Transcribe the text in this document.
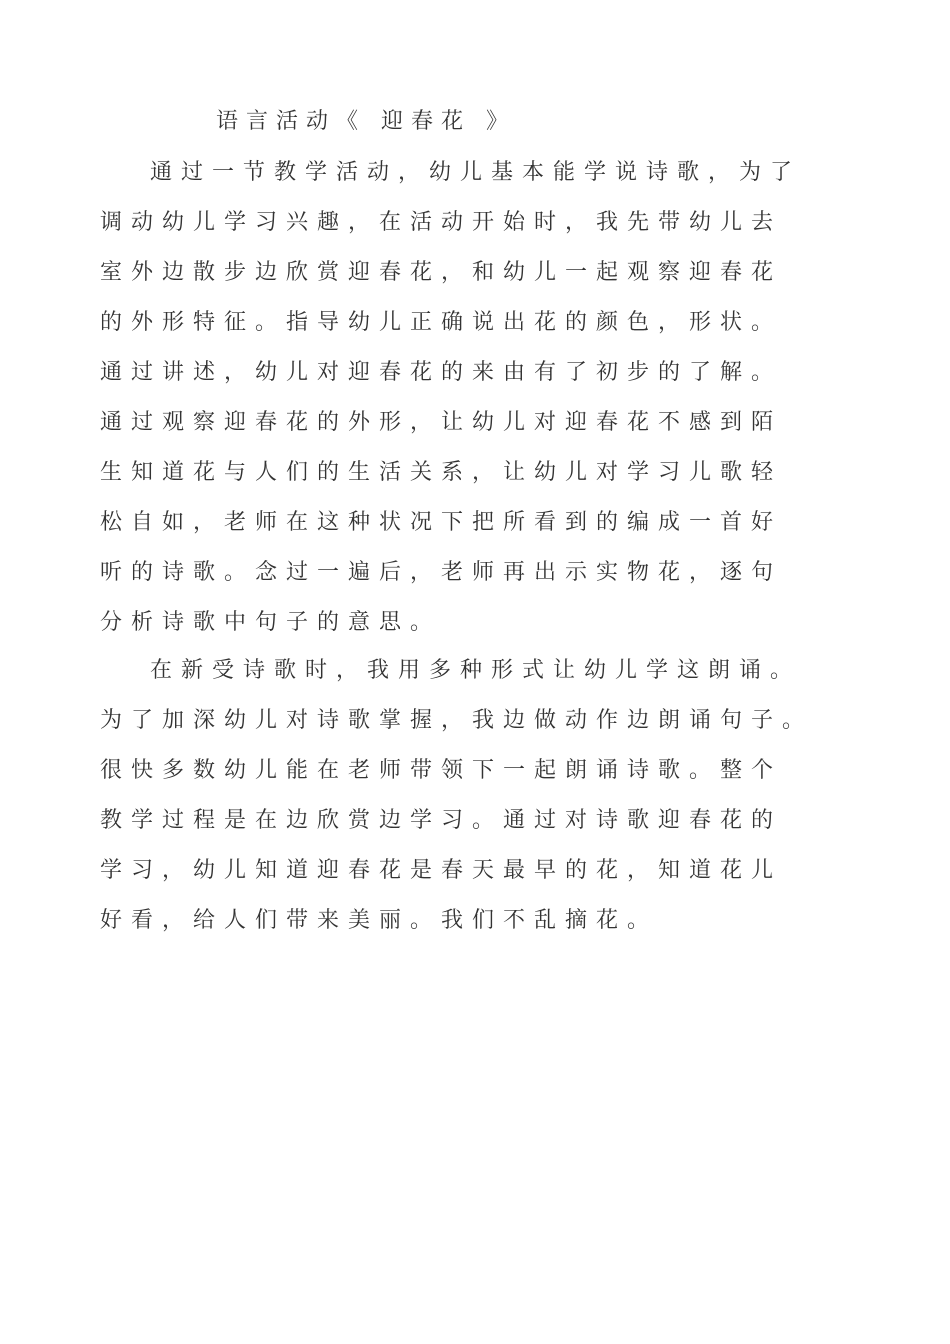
语言活动《 迎春花 》
通过一节教学活动，幼儿基本能学说诗歌，为了
调动幼儿学习兴趣，在活动开始时，我先带幼儿去
室外边散步边欣赏迎春花，和幼儿一起观察迎春花
的外形特征。指导幼儿正确说出花的颜色，形状。
通过讲述，幼儿对迎春花的来由有了初步的了解。
通过观察迎春花的外形，让幼儿对迎春花不感到陌
生知道花与人们的生活关系，让幼儿对学习儿歌轻
松自如，老师在这种状况下把所看到的编成一首好
听的诗歌。念过一遍后，老师再出示实物花，逐句
分析诗歌中句子的意思。
在新受诗歌时，我用多种形式让幼儿学这朗诵。
为了加深幼儿对诗歌掌握，我边做动作边朗诵句子。
很快多数幼儿能在老师带领下一起朗诵诗歌。整个
教学过程是在边欣赏边学习。通过对诗歌迎春花的
学习，幼儿知道迎春花是春天最早的花，知道花儿
好看，给人们带来美丽。我们不乱摘花。
